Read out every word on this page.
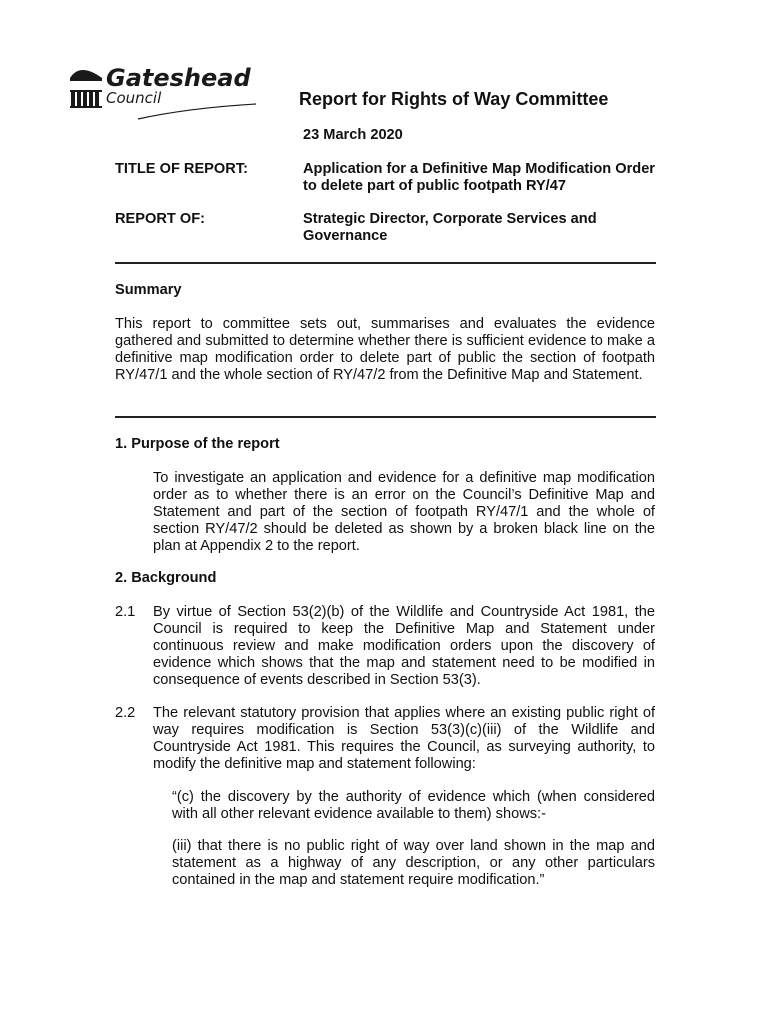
Gateshead
Council	Report for Rights of Way Committee
23 March 2020
TITLE OF REPORT:	Application for a Definitive Map Modification Order to delete part of public footpath RY/47
REPORT OF:	Strategic Director, Corporate Services and Governance
Summary
This report to committee sets out, summarises and evaluates the evidence gathered and submitted to determine whether there is sufficient evidence to make a definitive map modification order to delete part of public the section of footpath RY/47/1 and the whole section of RY/47/2 from the Definitive Map and Statement.
1. Purpose of the report
To investigate an application and evidence for a definitive map modification order as to whether there is an error on the Council’s Definitive Map and Statement and part of the section of footpath RY/47/1 and the whole of section RY/47/2 should be deleted as shown by a broken black line on the plan at Appendix 2 to the report.
2. Background
2.1	By virtue of Section 53(2)(b) of the Wildlife and Countryside Act 1981, the Council is required to keep the Definitive Map and Statement under continuous review and make modification orders upon the discovery of evidence which shows that the map and statement need to be modified in consequence of events described in Section 53(3).
2.2	The relevant statutory provision that applies where an existing public right of way requires modification is Section 53(3)(c)(iii) of the Wildlife and Countryside Act 1981. This requires the Council, as surveying authority, to modify the definitive map and statement following:
“(c) the discovery by the authority of evidence which (when considered with all other relevant evidence available to them) shows:-
(iii) that there is no public right of way over land shown in the map and statement as a highway of any description, or any other particulars contained in the map and statement require modification.”
